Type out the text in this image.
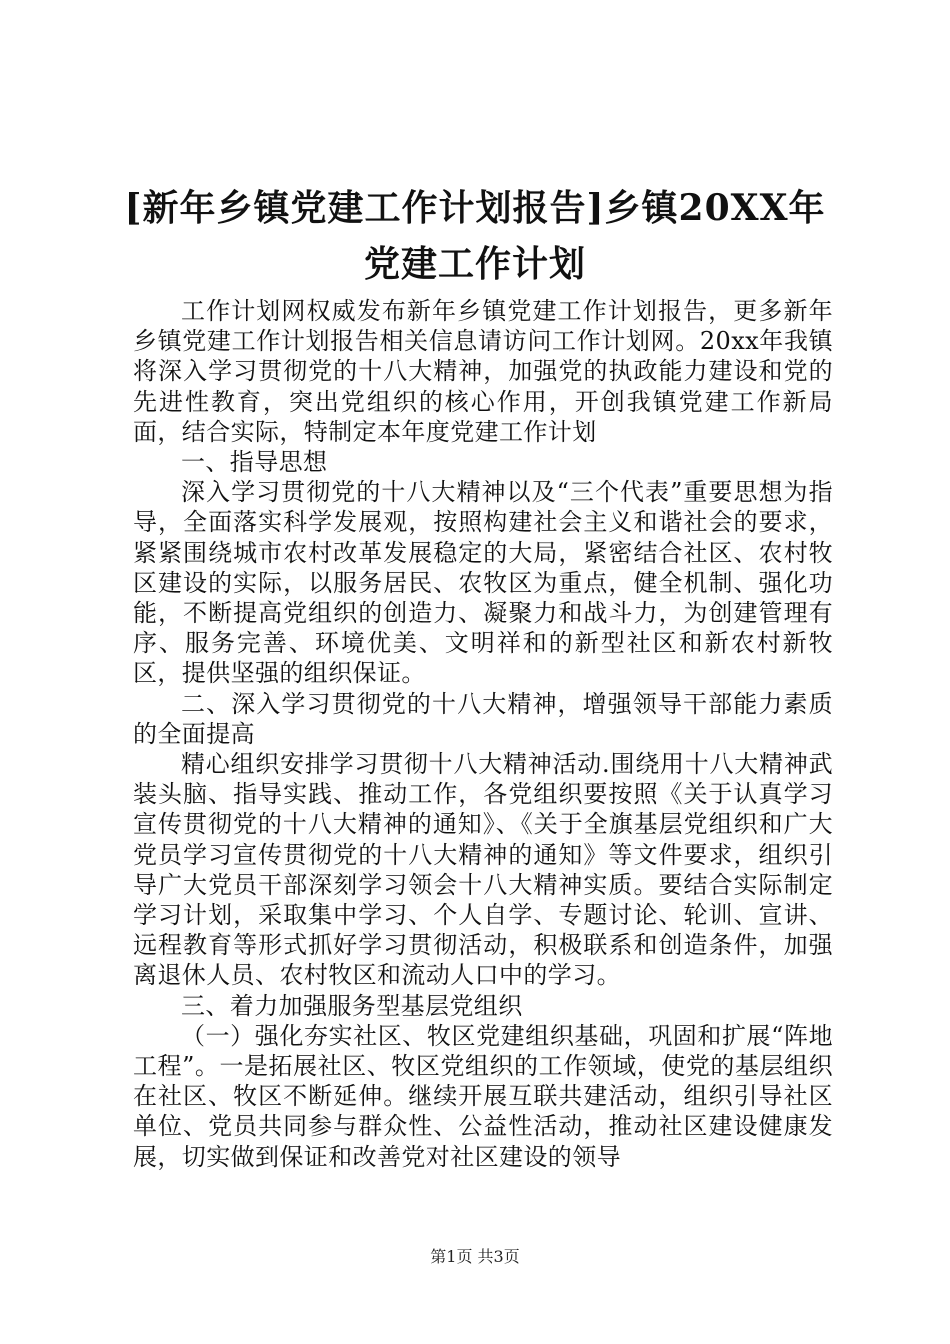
[新年乡镇党建工作计划报告]乡镇20XX年党建工作计划

工作计划网权威发布新年乡镇党建工作计划报告，更多新年乡镇党建工作计划报告相关信息请访问工作计划网。20xx年我镇将深入学习贯彻党的十八大精神，加强党的执政能力建设和党的先进性教育，突出党组织的核心作用，开创我镇党建工作新局面，结合实际，特制定本年度党建工作计划

一、指导思想

深入学习贯彻党的十八大精神以及“三个代表”重要思想为指导，全面落实科学发展观，按照构建社会主义和谐社会的要求，紧紧围绕城市农村改革发展稳定的大局，紧密结合社区、农村牧区建设的实际，以服务居民、农牧区为重点，健全机制、强化功能，不断提高党组织的创造力、凝聚力和战斗力，为创建管理有序、服务完善、环境优美、文明祥和的新型社区和新农村新牧区，提供坚强的组织保证。

二、深入学习贯彻党的十八大精神，增强领导干部能力素质的全面提高

精心组织安排学习贯彻十八大精神活动.围绕用十八大精神武装头脑、指导实践、推动工作，各党组织要按照《关于认真学习宣传贯彻党的十八大精神的通知》、《关于全旗基层党组织和广大党员学习宣传贯彻党的十八大精神的通知》等文件要求，组织引导广大党员干部深刻学习领会十八大精神实质。要结合实际制定学习计划，采取集中学习、个人自学、专题讨论、轮训、宣讲、远程教育等形式抓好学习贯彻活动，积极联系和创造条件，加强离退休人员、农村牧区和流动人口中的学习。

三、着力加强服务型基层党组织

（一）强化夯实社区、牧区党建组织基础，巩固和扩展“阵地工程”。一是拓展社区、牧区党组织的工作领域，使党的基层组织在社区、牧区不断延伸。继续开展互联共建活动，组织引导社区单位、党员共同参与群众性、公益性活动，推动社区建设健康发展，切实做到保证和改善党对社区建设的领导

第1页 共3页
